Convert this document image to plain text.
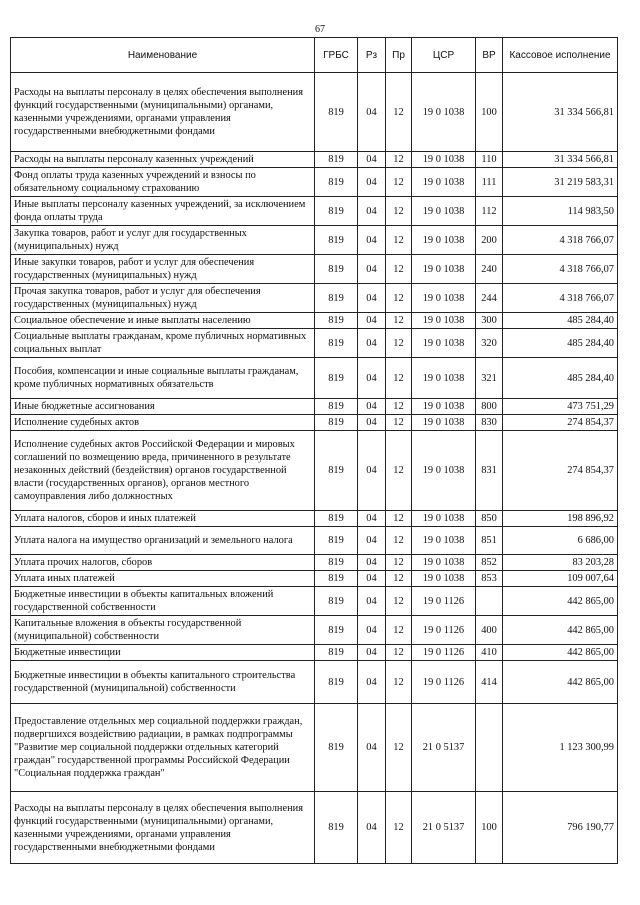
67
Наименование	ГРБС	Рз	Пр	ЦСР	ВР	Кассовое исполнение
Расходы на выплаты персоналу в целях обеспечения выполнения функций государственными (муниципальными) органами, казенными учреждениями, органами управления государственными внебюджетными фондами	819	04	12	19 0 1038	100	31 334 566,81
Расходы на выплаты персоналу казенных учреждений	819	04	12	19 0 1038	110	31 334 566,81
Фонд оплаты труда казенных учреждений и взносы по обязательному социальному страхованию	819	04	12	19 0 1038	111	31 219 583,31
Иные выплаты персоналу казенных учреждений, за исключением фонда оплаты труда	819	04	12	19 0 1038	112	114 983,50
Закупка товаров, работ и услуг для государственных (муниципальных) нужд	819	04	12	19 0 1038	200	4 318 766,07
Иные закупки товаров, работ и услуг для обеспечения государственных (муниципальных) нужд	819	04	12	19 0 1038	240	4 318 766,07
Прочая закупка товаров, работ и услуг для обеспечения государственных (муниципальных) нужд	819	04	12	19 0 1038	244	4 318 766,07
Социальное обеспечение и иные выплаты населению	819	04	12	19 0 1038	300	485 284,40
Социальные выплаты гражданам, кроме публичных нормативных социальных выплат	819	04	12	19 0 1038	320	485 284,40
Пособия, компенсации и иные социальные выплаты гражданам, кроме публичных нормативных обязательств	819	04	12	19 0 1038	321	485 284,40
Иные бюджетные ассигнования	819	04	12	19 0 1038	800	473 751,29
Исполнение судебных актов	819	04	12	19 0 1038	830	274 854,37
Исполнение судебных актов Российской Федерации и мировых соглашений по возмещению вреда, причиненного в результате незаконных действий (бездействия) органов государственной власти (государственных органов), органов местного самоуправления либо должностных	819	04	12	19 0 1038	831	274 854,37
Уплата налогов, сборов и иных платежей	819	04	12	19 0 1038	850	198 896,92
Уплата налога на имущество организаций и земельного налога	819	04	12	19 0 1038	851	6 686,00
Уплата прочих налогов, сборов	819	04	12	19 0 1038	852	83 203,28
Уплата иных платежей	819	04	12	19 0 1038	853	109 007,64
Бюджетные инвестиции в объекты капитальных вложений государственной собственности	819	04	12	19 0 1126		442 865,00
Капитальные вложения в объекты государственной (муниципальной) собственности	819	04	12	19 0 1126	400	442 865,00
Бюджетные инвестиции	819	04	12	19 0 1126	410	442 865,00
Бюджетные инвестиции в объекты капитального строительства государственной (муниципальной) собственности	819	04	12	19 0 1126	414	442 865,00
Предоставление отдельных мер социальной поддержки граждан, подвергшихся воздействию радиации, в рамках подпрограммы "Развитие мер социальной поддержки отдельных категорий граждан" государственной программы Российской Федерации "Социальная поддержка граждан"	819	04	12	21 0 5137		1 123 300,99
Расходы на выплаты персоналу в целях обеспечения выполнения функций государственными (муниципальными) органами, казенными учреждениями, органами управления государственными внебюджетными фондами	819	04	12	21 0 5137	100	796 190,77
